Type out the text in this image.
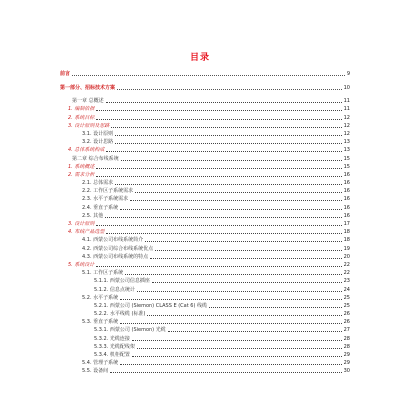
目录
前言	9
第一部分、招标技术方案	10
第一章 总概述	11
1. 编制依据	11
2. 系统目标	12
3. 设计原则及思路	12
3.1. 设计原则	12
3.2. 设计思路	13
4. 总体系统构成	13
第二章 综合布线系统	15
1. 系统概述	15
2. 需求分析	16
2.1. 总体需求	16
2.2. 工作区子系统需求	16
2.3. 水平子系统需求	16
2.4. 垂直子系统	16
2.5. 其他	16
3. 设计原则	17
4. 布线产品选型	18
4.1. 西蒙公司布线系统简介	18
4.2. 西蒙公司综合布线系统优点	19
4.3. 西蒙公司布线系统的特点	20
5. 系统设计	22
5.1. 工作区子系统	22
5.1.1. 西蒙公司信息插座	23
5.1.2. 信息点统计	24
5.2. 水平子系统	25
5.2.1. 西蒙公司 (Siemon) CLASS E (Cat 6) 线缆	25
5.2.2. 水平线缆 (标准)	26
5.3. 垂直子系统	26
5.3.1. 西蒙公司 (Siemon) 光缆	27
5.3.2. 光缆连接	28
5.3.3. 光缆配线架	28
5.3.4. 机柜配置	29
5.4. 管理子系统	29
5.5. 设备间	30
